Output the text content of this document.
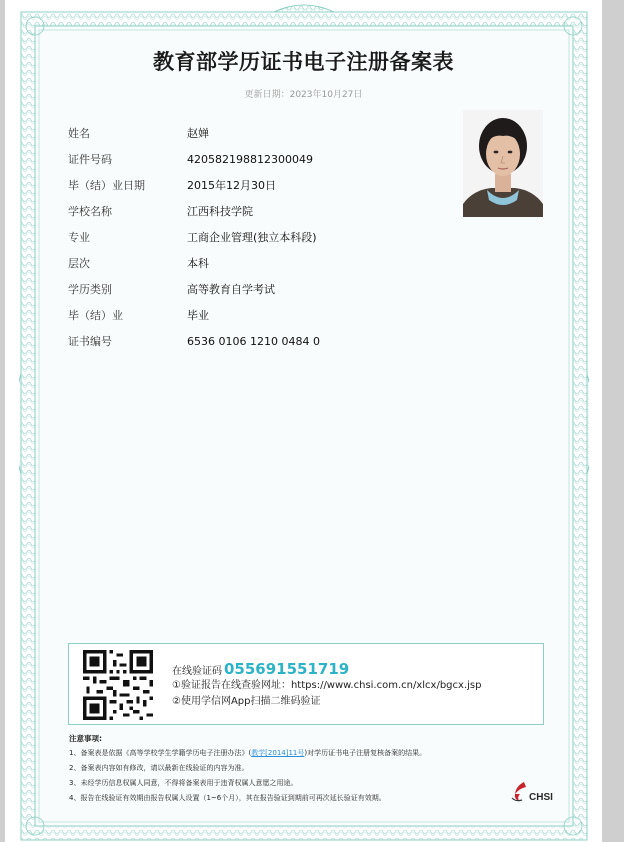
教育部学历证书电子注册备案表
更新日期：2023年10月27日
姓名	赵婵
证件号码	420582198812300049
毕（结）业日期	2015年12月30日
学校名称	江西科技学院
专业	工商企业管理(独立本科段)
层次	本科
学历类别	高等教育自学考试
毕（结）业	毕业
证书编号	6536 0106 1210 0484 0
在线验证码 055691551719
①验证报告在线查验网址：https://www.chsi.com.cn/xlcx/bgcx.jsp
②使用学信网App扫描二维码验证
注意事项:
1、备案表是依据《高等学校学生学籍学历电子注册办法》(教学[2014]11号)对学历证书电子注册复核备案的结果。
2、备案表内容如有修改，请以最新在线验证的内容为准。
3、未经学历信息权属人同意，不得将备案表用于违背权属人意愿之用途。
4、报告在线验证有效期由报告权属人设置（1~6个月），其在报告验证到期前可再次延长验证有效期。	CHSI
